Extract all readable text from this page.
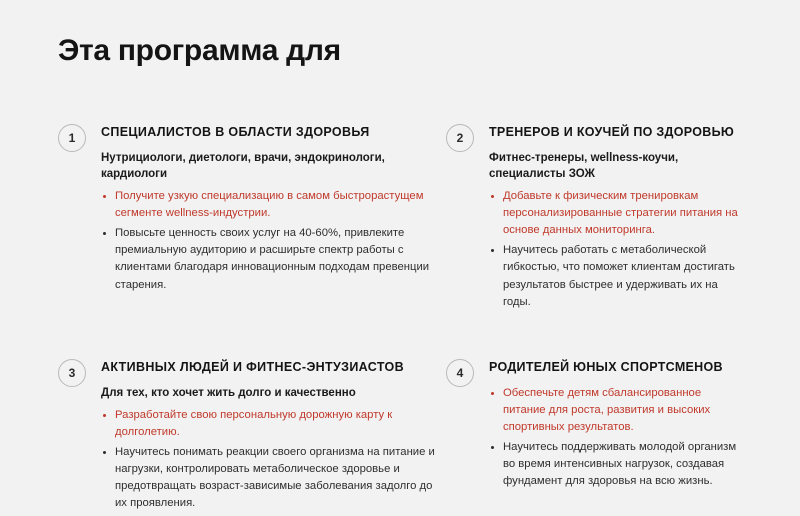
Эта программа для
1	СПЕЦИАЛИСТОВ В ОБЛАСТИ ЗДОРОВЬЯ
Нутрициологи, диетологи, врачи, эндокринологи, кардиологи
Получите узкую специализацию в самом быстрорастущем сегменте wellness-индустрии.
Повысьте ценность своих услуг на 40-60%, привлеките премиальную аудиторию и расширьте спектр работы с клиентами благодаря инновационным подходам превенции старения.
2	ТРЕНЕРОВ И КОУЧЕЙ ПО ЗДОРОВЬЮ
Фитнес-тренеры, wellness-коучи, специалисты ЗОЖ
Добавьте к физическим тренировкам персонализированные стратегии питания на основе данных мониторинга.
Научитесь работать с метаболической гибкостью, что поможет клиентам достигать результатов быстрее и удерживать их на годы.
3	АКТИВНЫХ ЛЮДЕЙ И ФИТНЕС-ЭНТУЗИАСТОВ
Для тех, кто хочет жить долго и качественно
Разработайте свою персональную дорожную карту к долголетию.
Научитесь понимать реакции своего организма на питание и нагрузки, контролировать метаболическое здоровье и предотвращать возраст-зависимые заболевания задолго до их проявления.
4	РОДИТЕЛЕЙ ЮНЫХ СПОРТСМЕНОВ
Обеспечьте детям сбалансированное питание для роста, развития и высоких спортивных результатов.
Научитесь поддерживать молодой организм во время интенсивных нагрузок, создавая фундамент для здоровья на всю жизнь.
